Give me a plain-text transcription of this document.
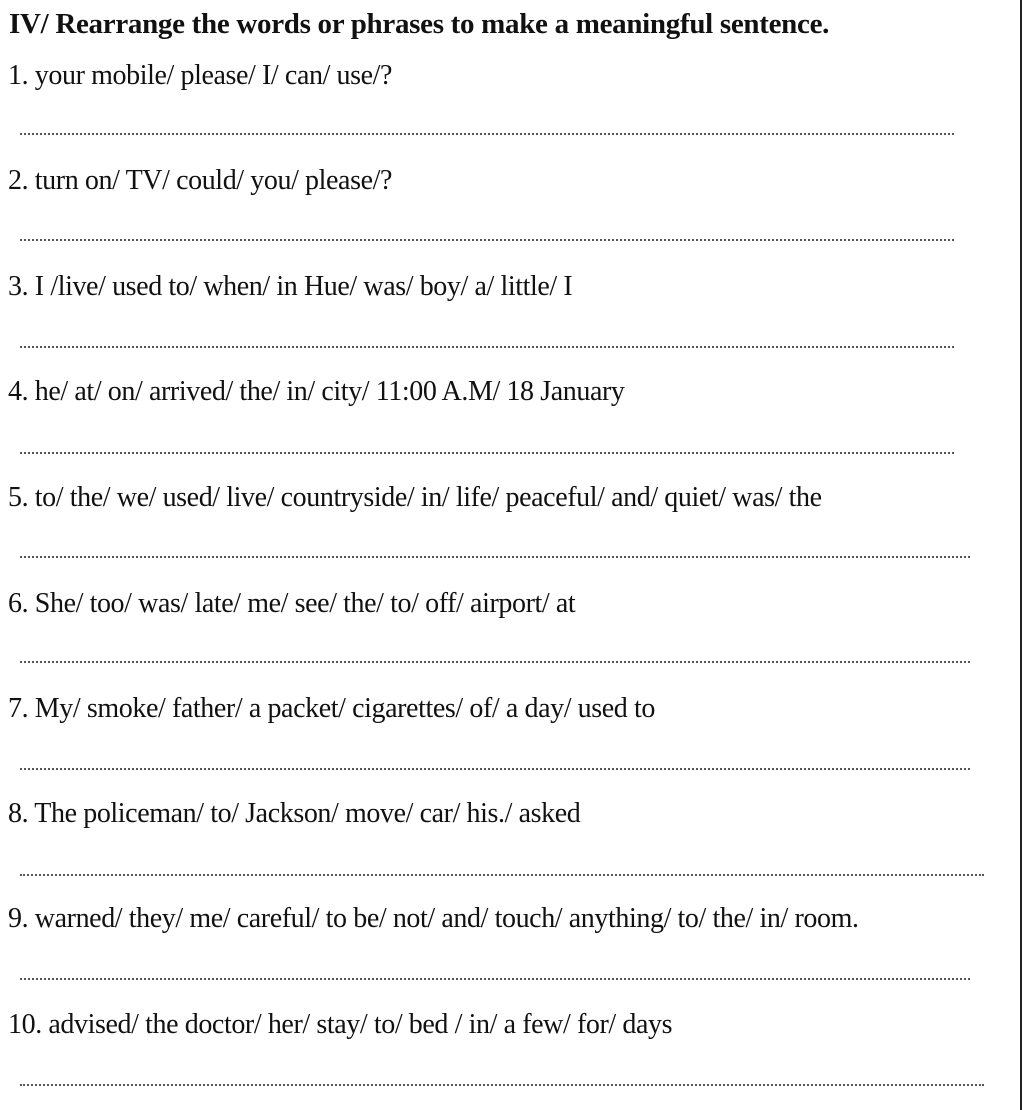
IV/ Rearrange the words or phrases to make a meaningful sentence.
1. your mobile/ please/ I/ can/ use/?
2. turn on/ TV/ could/ you/ please/?
3. I /live/ used to/ when/ in Hue/ was/ boy/ a/ little/ I
4. he/ at/ on/ arrived/ the/ in/ city/ 11:00 A.M/ 18 January
5. to/ the/ we/ used/ live/ countryside/ in/ life/ peaceful/ and/ quiet/ was/ the
6. She/ too/ was/ late/ me/ see/ the/ to/ off/ airport/ at
7. My/ smoke/ father/ a packet/ cigarettes/ of/ a day/ used to
8. The policeman/ to/ Jackson/ move/ car/ his./ asked
9. warned/ they/ me/ careful/ to be/ not/ and/ touch/ anything/ to/ the/ in/ room.
10. advised/ the doctor/ her/ stay/ to/ bed / in/ a few/ for/ days
